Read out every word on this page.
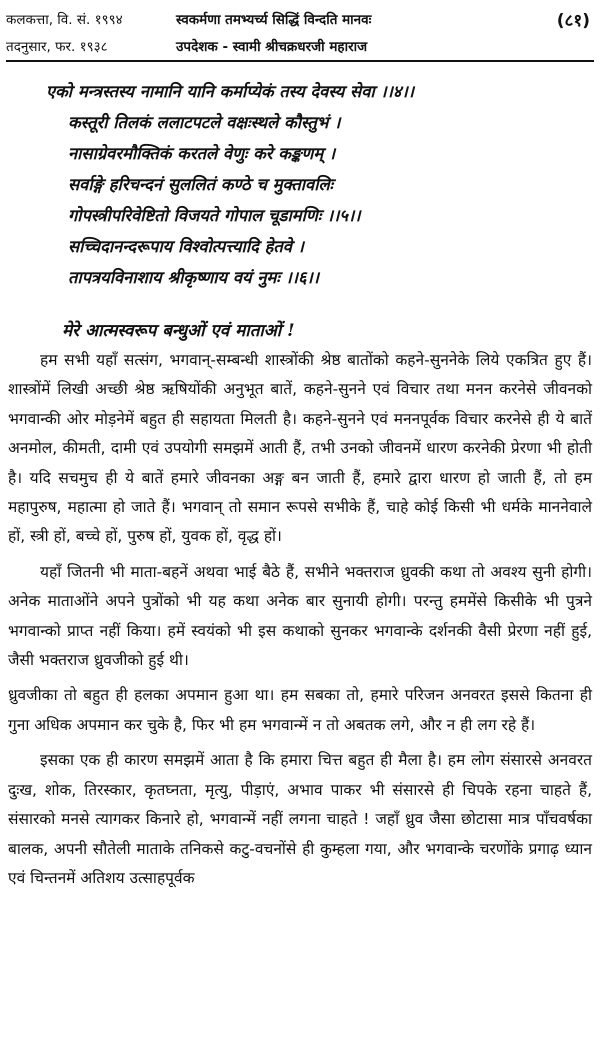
कलकत्ता, वि. सं. १९९४	स्वकर्मणा तमभ्यर्च्य सिद्धिं विन्दति मानवः	(८१)
तदनुसार, फर. १९३८	उपदेशक - स्वामी श्रीचक्रधरजी महाराज
एको मन्त्रस्तस्य नामानि यानि कर्माप्येकं तस्य देवस्य सेवा ।।४।।
कस्तूरी तिलकं ललाटपटले वक्षःस्थले कौस्तुभं ।
नासाग्रेवरमौक्तिकं करतले वेणुः करे कङ्कणम् ।
सर्वाङ्गे हरिचन्दनं सुललितं कण्ठे च मुक्तावलिः
गोपस्त्रीपरिवेष्टितो विजयते गोपाल चूडामणिः ।।५।।
सच्चिदानन्दरूपाय विश्वोत्पत्त्यादि हेतवे ।
तापत्रयविनाशाय श्रीकृष्णाय वयं नुमः ।।६।।
मेरे आत्मस्वरूप बन्धुओं एवं माताओं !

हम सभी यहाँ सत्संग, भगवान्-सम्बन्धी शास्त्रोंकी श्रेष्ठ बातोंको कहने-सुननेके लिये एकत्रित हुए हैं। शास्त्रोंमें लिखी अच्छी श्रेष्ठ ऋषियोंकी अनुभूत बातें, कहने-सुनने एवं विचार तथा मनन करनेसे जीवनको भगवान्की ओर मोड़नेमें बहुत ही सहायता मिलती है। कहने-सुनने एवं मननपूर्वक विचार करनेसे ही ये बातें अनमोल, कीमती, दामी एवं उपयोगी समझमें आती हैं, तभी उनको जीवनमें धारण करनेकी प्रेरणा भी होती है। यदि सचमुच ही ये बातें हमारे जीवनका अङ्ग बन जाती हैं, हमारे द्वारा धारण हो जाती हैं, तो हम महापुरुष, महात्मा हो जाते हैं। भगवान् तो समान रूपसे सभीके हैं, चाहे कोई किसी भी धर्मके माननेवाले हों, स्त्री हों, बच्चे हों, पुरुष हों, युवक हों, वृद्ध हों।

यहाँ जितनी भी माता-बहनें अथवा भाई बैठे हैं, सभीने भक्तराज ध्रुवकी कथा तो अवश्य सुनी होगी। अनेक माताओंने अपने पुत्रोंको भी यह कथा अनेक बार सुनायी होगी। परन्तु हममेंसे किसीके भी पुत्रने भगवान्को प्राप्त नहीं किया। हमें स्वयंको भी इस कथाको सुनकर भगवान्के दर्शनकी वैसी प्रेरणा नहीं हुई, जैसी भक्तराज ध्रुवजीको हुई थी।

ध्रुवजीका तो बहुत ही हलका अपमान हुआ था। हम सबका तो, हमारे परिजन अनवरत इससे कितना ही गुना अधिक अपमान कर चुके है, फिर भी हम भगवान्में न तो अबतक लगे, और न ही लग रहे हैं।

इसका एक ही कारण समझमें आता है कि हमारा चित्त बहुत ही मैला है। हम लोग संसारसे अनवरत दुःख, शोक, तिरस्कार, कृतघ्नता, मृत्यु, पीड़ाएं, अभाव पाकर भी संसारसे ही चिपके रहना चाहते हैं, संसारको मनसे त्यागकर किनारे हो, भगवान्में नहीं लगना चाहते ! जहाँ ध्रुव जैसा छोटासा मात्र पाँचवर्षका बालक, अपनी सौतेली माताके तनिकसे कटु-वचनोंसे ही कुम्हला गया, और भगवान्के चरणोंके प्रगाढ़ ध्यान एवं चिन्तनमें अतिशय उत्साहपूर्वक
